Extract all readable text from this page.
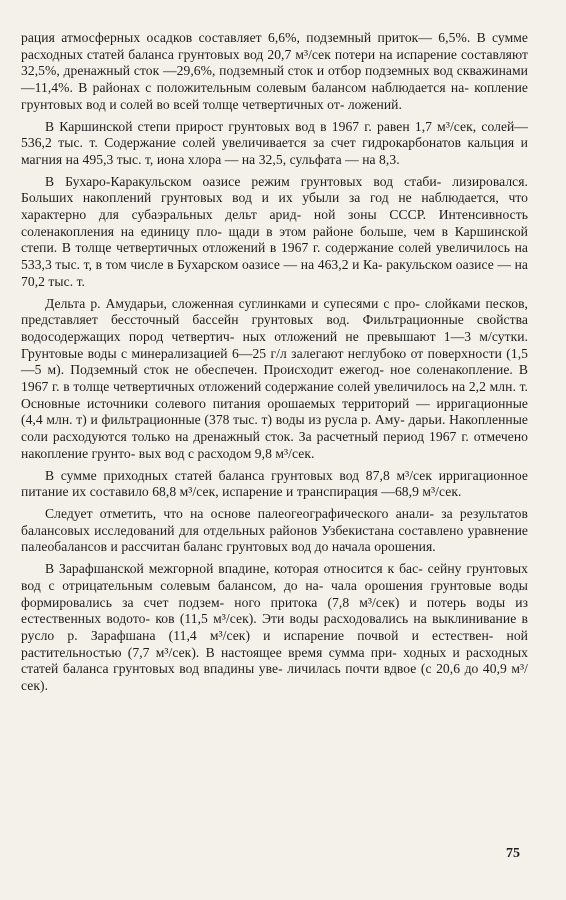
рация атмосферных осадков составляет 6,6%, подземный приток— 6,5%. В сумме расходных статей баланса грунтовых вод 20,7 м³/сек потери на испарение составляют 32,5%, дренажный сток —29,6%, подземный сток и отбор подземных вод скважинами —11,4%. В районах с положительным солевым балансом наблюдается на- копление грунтовых вод и солей во всей толще четвертичных от- ложений.

В Каршинской степи прирост грунтовых вод в 1967 г. равен 1,7 м³/сек, солей—536,2 тыс. т. Содержание солей увеличивается за счет гидрокарбонатов кальция и магния на 495,3 тыс. т, иона хлора — на 32,5, сульфата — на 8,3.

В Бухаро-Каракульском оазисе режим грунтовых вод стаби- лизировался. Больших накоплений грунтовых вод и их убыли за год не наблюдается, что характерно для субаэральных дельт арид- ной зоны СССР. Интенсивность соленакопления на единицу пло- щади в этом районе больше, чем в Каршинской степи. В толще четвертичных отложений в 1967 г. содержание солей увеличилось на 533,3 тыс. т, в том числе в Бухарском оазисе — на 463,2 и Ка- ракульском оазисе — на 70,2 тыс. т.

Дельта р. Амударьи, сложенная суглинками и супесями с про- слойками песков, представляет бессточный бассейн грунтовых вод. Фильтрационные свойства водосодержащих пород четвертич- ных отложений не превышают 1—3 м/сутки. Грунтовые воды с минерализацией 6—25 г/л залегают неглубоко от поверхности (1,5—5 м). Подземный сток не обеспечен. Происходит ежегод- ное соленакопление. В 1967 г. в толще четвертичных отложений содержание солей увеличилось на 2,2 млн. т. Основные источники солевого питания орошаемых территорий — ирригационные (4,4 млн. т) и фильтрационные (378 тыс. т) воды из русла р. Аму- дарьи. Накопленные соли расходуются только на дренажный сток. За расчетный период 1967 г. отмечено накопление грунто- вых вод с расходом 9,8 м³/сек.

В сумме приходных статей баланса грунтовых вод 87,8 м³/сек ирригационное питание их составило 68,8 м³/сек, испарение и транспирация —68,9 м³/сек.

Следует отметить, что на основе палеогеографического анали- за результатов балансовых исследований для отдельных районов Узбекистана составлено уравнение палеобалансов и рассчитан баланс грунтовых вод до начала орошения.

В Зарафшанской межгорной впадине, которая относится к бас- сейну грунтовых вод с отрицательным солевым балансом, до на- чала орошения грунтовые воды формировались за счет подзем- ного притока (7,8 м³/сек) и потерь воды из естественных водото- ков (11,5 м³/сек). Эти воды расходовались на выклинивание в русло р. Зарафшана (11,4 м³/сек) и испарение почвой и естествен- ной растительностью (7,7 м³/сек). В настоящее время сумма при- ходных и расходных статей баланса грунтовых вод впадины уве- личилась почти вдвое (с 20,6 до 40,9 м³/сек).

75
